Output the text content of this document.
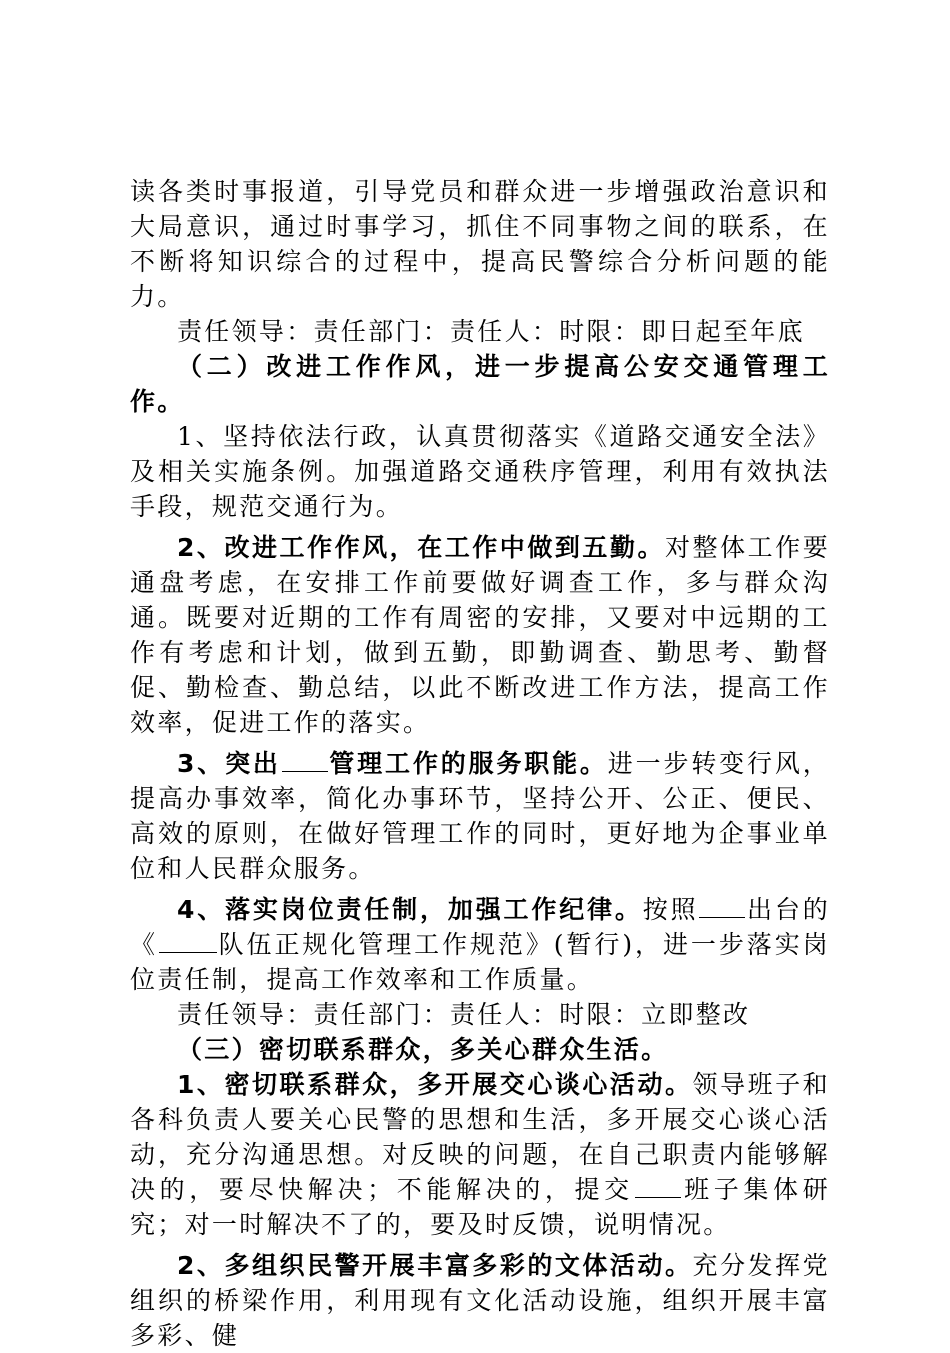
读各类时事报道，引导党员和群众进一步增强政治意识和大局意识，通过时事学习，抓住不同事物之间的联系，在不断将知识综合的过程中，提高民警综合分析问题的能力。

责任领导：责任部门：责任人：时限：即日起至年底

（二）改进工作作风，进一步提高公安交通管理工作。

1、坚持依法行政，认真贯彻落实《道路交通安全法》及相关实施条例。加强道路交通秩序管理，利用有效执法手段，规范交通行为。

2、改进工作作风，在工作中做到五勤。对整体工作要通盘考虑，在安排工作前要做好调查工作，多与群众沟通。既要对近期的工作有周密的安排，又要对中远期的工作有考虑和计划，做到五勤，即勤调查、勤思考、勤督促、勤检查、勤总结，以此不断改进工作方法，提高工作效率，促进工作的落实。

3、突出 管理工作的服务职能。进一步转变行风，提高办事效率，简化办事环节，坚持公开、公正、便民、高效的原则，在做好管理工作的同时，更好地为企事业单位和人民群众服务。

4、落实岗位责任制，加强工作纪律。按照 出台的《 队伍正规化管理工作规范》(暂行)，进一步落实岗位责任制，提高工作效率和工作质量。

责任领导：责任部门：责任人：时限：立即整改

（三）密切联系群众，多关心群众生活。

1、密切联系群众，多开展交心谈心活动。领导班子和各科负责人要关心民警的思想和生活，多开展交心谈心活动，充分沟通思想。对反映的问题，在自己职责内能够解决的，要尽快解决；不能解决的，提交 班子集体研究；对一时解决不了的，要及时反馈，说明情况。

2、多组织民警开展丰富多彩的文体活动。充分发挥党组织的桥梁作用，利用现有文化活动设施，组织开展丰富多彩、健
